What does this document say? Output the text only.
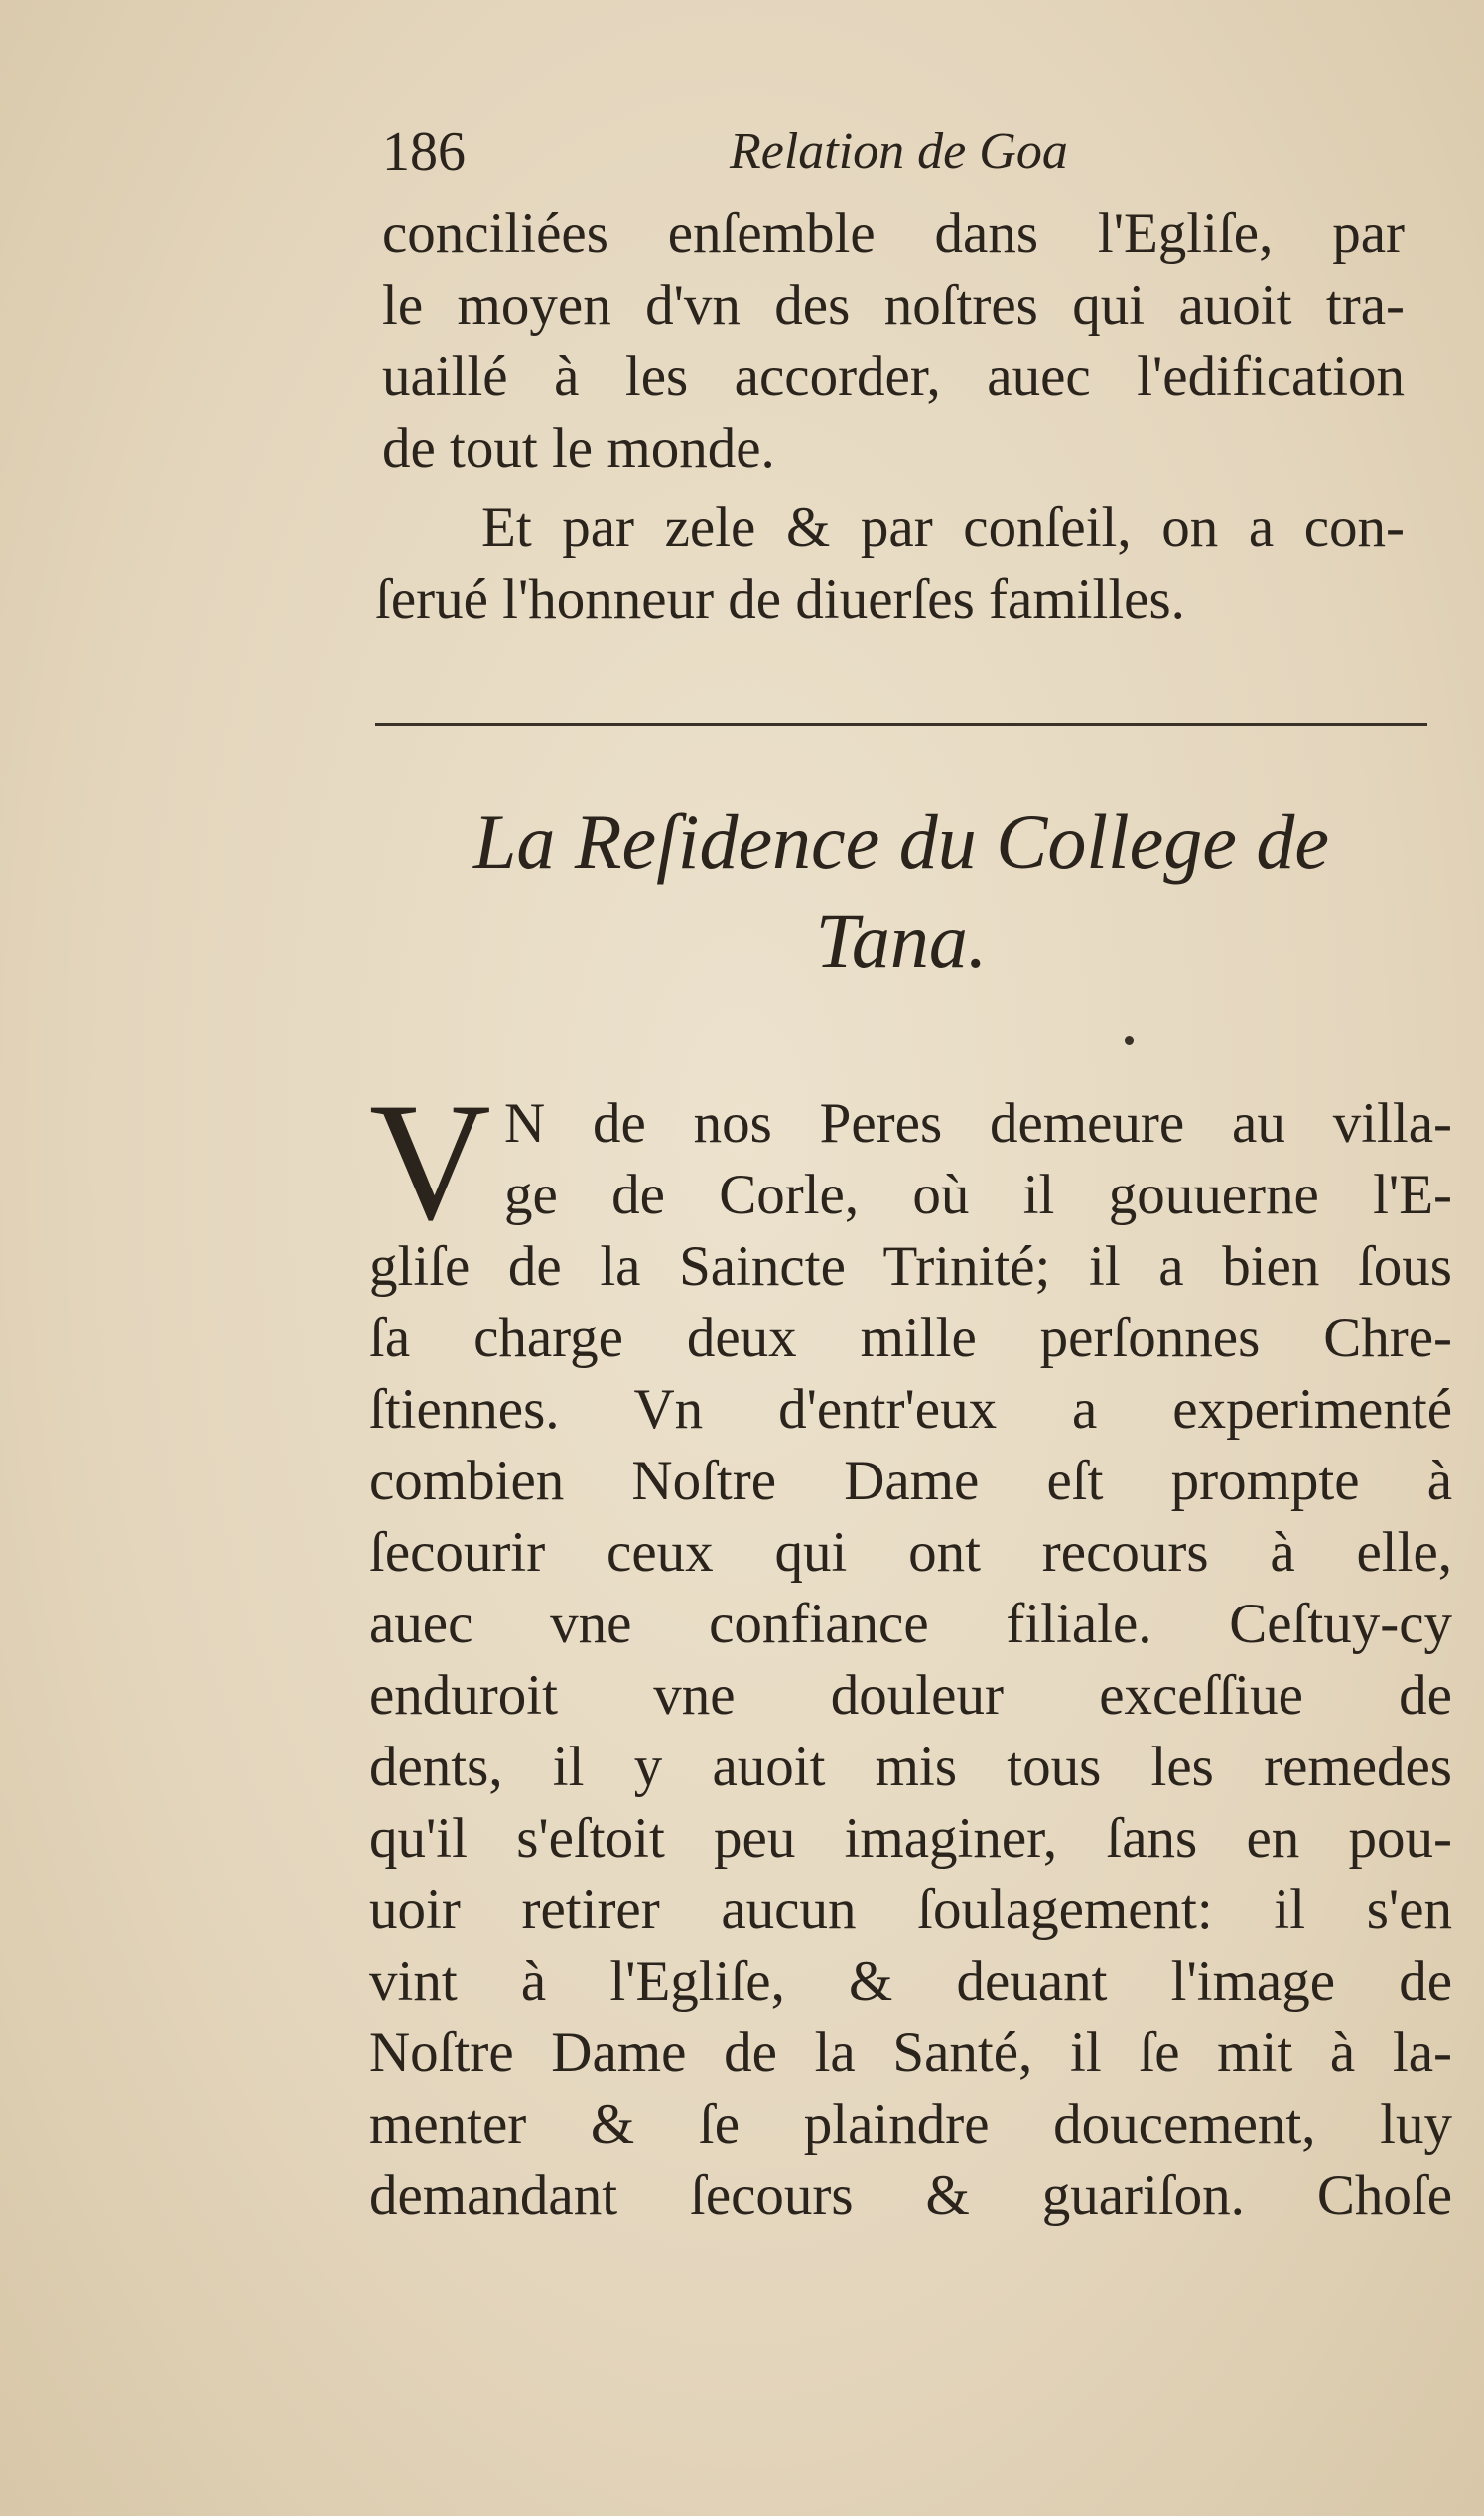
186	Relation de Goa
conciliées enſemble dans l'Egliſe, par
le moyen d'vn des noſtres qui auoit tra-
uaillé à les accorder, auec l'edification
de tout le monde.
Et par zele & par conſeil, on a con-
ſerué l'honneur de diuerſes familles.
La Reſidence du College de
Tana.
V N de nos Peres demeure au villa-
ge de Corle, où il gouuerne l'E-
gliſe de la Saincte Trinité; il a bien ſous
ſa charge deux mille perſonnes Chre-
ſtiennes. Vn d'entr'eux a experimenté
combien Noſtre Dame eſt prompte à
ſecourir ceux qui ont recours à elle,
auec vne confiance filiale. Ceſtuy-cy
enduroit vne douleur exceſſiue de
dents, il y auoit mis tous les remedes
qu'il s'eſtoit peu imaginer, ſans en pou-
uoir retirer aucun ſoulagement: il s'en
vint à l'Egliſe, & deuant l'image de
Noſtre Dame de la Santé, il ſe mit à la-
menter & ſe plaindre doucement, luy
demandant ſecours & guariſon. Choſe
